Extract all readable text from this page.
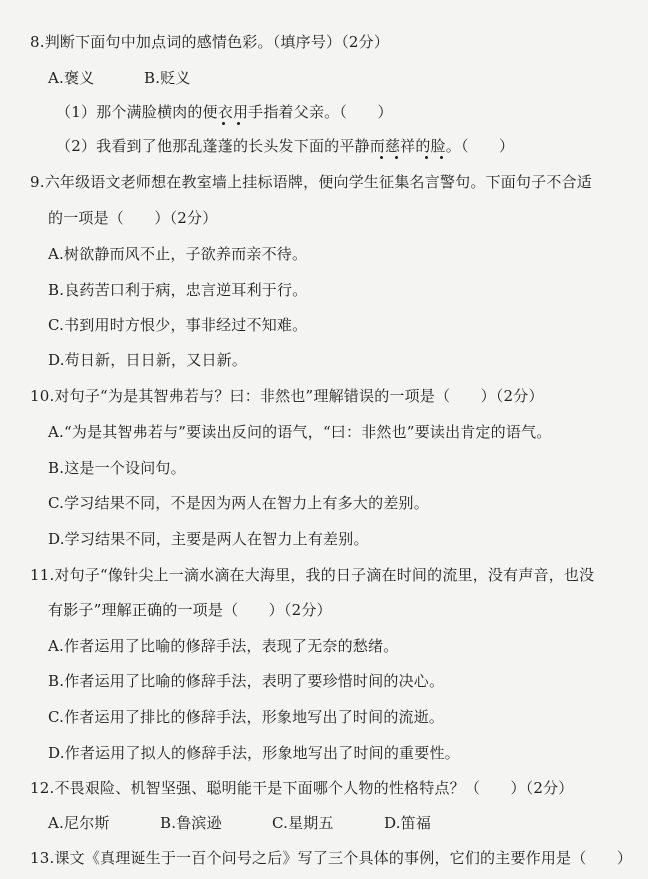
8.判断下面句中加点词的感情色彩。（填序号）（2分）
A.褒义	B.贬义
（1）那个满脸横肉的便衣用手指着父亲。（　　）
（2）我看到了他那乱蓬蓬的长头发下面的平静而慈祥的脸。（　　）
9.六年级语文老师想在教室墙上挂标语牌，便向学生征集名言警句。下面句子不合适
的一项是（　　）（2分）
A.树欲静而风不止，子欲养而亲不待。
B.良药苦口利于病，忠言逆耳利于行。
C.书到用时方恨少，事非经过不知难。
D.苟日新，日日新，又日新。
10.对句子“为是其智弗若与？曰：非然也”理解错误的一项是（　　）（2分）
A.“为是其智弗若与”要读出反问的语气，“曰：非然也”要读出肯定的语气。
B.这是一个设问句。
C.学习结果不同，不是因为两人在智力上有多大的差别。
D.学习结果不同，主要是两人在智力上有差别。
11.对句子“像针尖上一滴水滴在大海里，我的日子滴在时间的流里，没有声音，也没
有影子”理解正确的一项是（　　）（2分）
A.作者运用了比喻的修辞手法，表现了无奈的愁绪。
B.作者运用了比喻的修辞手法，表明了要珍惜时间的决心。
C.作者运用了排比的修辞手法，形象地写出了时间的流逝。
D.作者运用了拟人的修辞手法，形象地写出了时间的重要性。
12.不畏艰险、机智坚强、聪明能干是下面哪个人物的性格特点？（　　）（2分）
A.尼尔斯	B.鲁滨逊	C.星期五	D.笛福
13.课文《真理诞生于一百个问号之后》写了三个具体的事例，它们的主要作用是（　　）
